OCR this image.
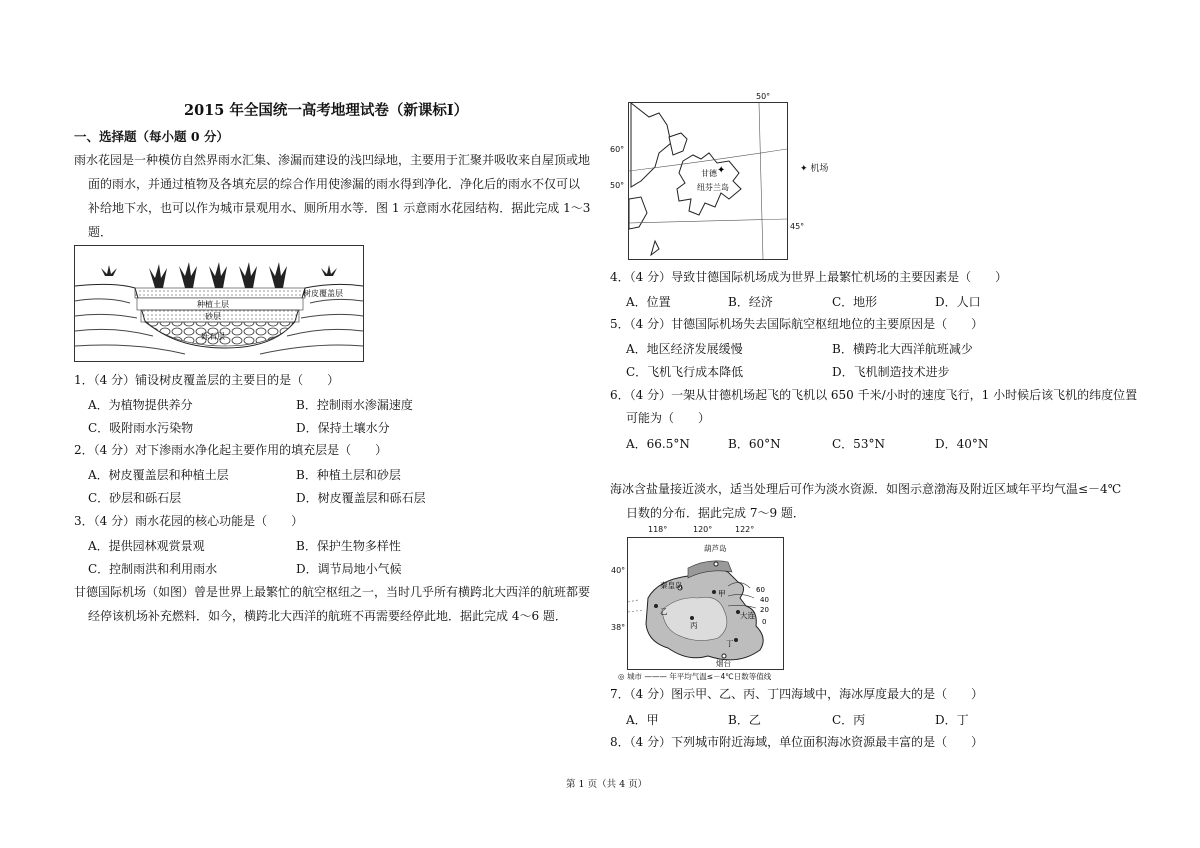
2015 年全国统一高考地理试卷（新课标Ⅰ）
一、选择题（每小题 0 分）
雨水花园是一种模仿自然界雨水汇集、渗漏而建设的浅凹绿地，主要用于汇聚并吸收来自屋顶或地
面的雨水，并通过植物及各填充层的综合作用使渗漏的雨水得到净化．净化后的雨水不仅可以
补给地下水，也可以作为城市景观用水、厕所用水等．图 1 示意雨水花园结构．据此完成 1～3
题．
树皮覆盖层
种植土层
砂层
砾石层
1．（4 分）铺设树皮覆盖层的主要目的是（　　）
A．为植物提供养分	B．控制雨水渗漏速度
C．吸附雨水污染物	D．保持土壤水分
2．（4 分）对下渗雨水净化起主要作用的填充层是（　　）
A．树皮覆盖层和种植土层	B．种植土层和砂层
C．砂层和砾石层	D．树皮覆盖层和砾石层
3．（4 分）雨水花园的核心功能是（　　）
A．提供园林观赏景观	B．保护生物多样性
C．控制雨洪和利用雨水	D．调节局地小气候
甘德国际机场（如图）曾是世界上最繁忙的航空枢纽之一，当时几乎所有横跨北大西洋的航班都要
经停该机场补充燃料．如今，横跨北大西洋的航班不再需要经停此地．据此完成 4～6 题．
甘德 ✦
纽芬兰岛
50°
60°
50°
45°
✦ 机场
4．（4 分）导致甘德国际机场成为世界上最繁忙机场的主要因素是（　　）
A．位置	B．经济	C．地形	D．人口
5．（4 分）甘德国际机场失去国际航空枢纽地位的主要原因是（　　）
A．地区经济发展缓慢	B．横跨北大西洋航班减少
C．飞机飞行成本降低	D．飞机制造技术进步
6．（4 分）一架从甘德机场起飞的飞机以 650 千米/小时的速度飞行，1 小时候后该飞机的纬度位置
可能为（　　）
A．66.5°N	B．60°N	C．53°N	D．40°N
海冰含盐量接近淡水，适当处理后可作为淡水资源．如图示意渤海及附近区域年平均气温≤－4℃
日数的分布．据此完成 7～9 题．
118°	120°	122°
40°
38°
葫芦岛
秦皇岛
甲
乙
丙
丁
大连
烟台
60
40
20
0
◎ 城市 ——— 年平均气温≤－4℃日数等值线
7．（4 分）图示甲、乙、丙、丁四海域中，海冰厚度最大的是（　　）
A．甲	B．乙	C．丙	D．丁
8．（4 分）下列城市附近海域，单位面积海冰资源最丰富的是（　　）
第 1 页（共 4 页）
